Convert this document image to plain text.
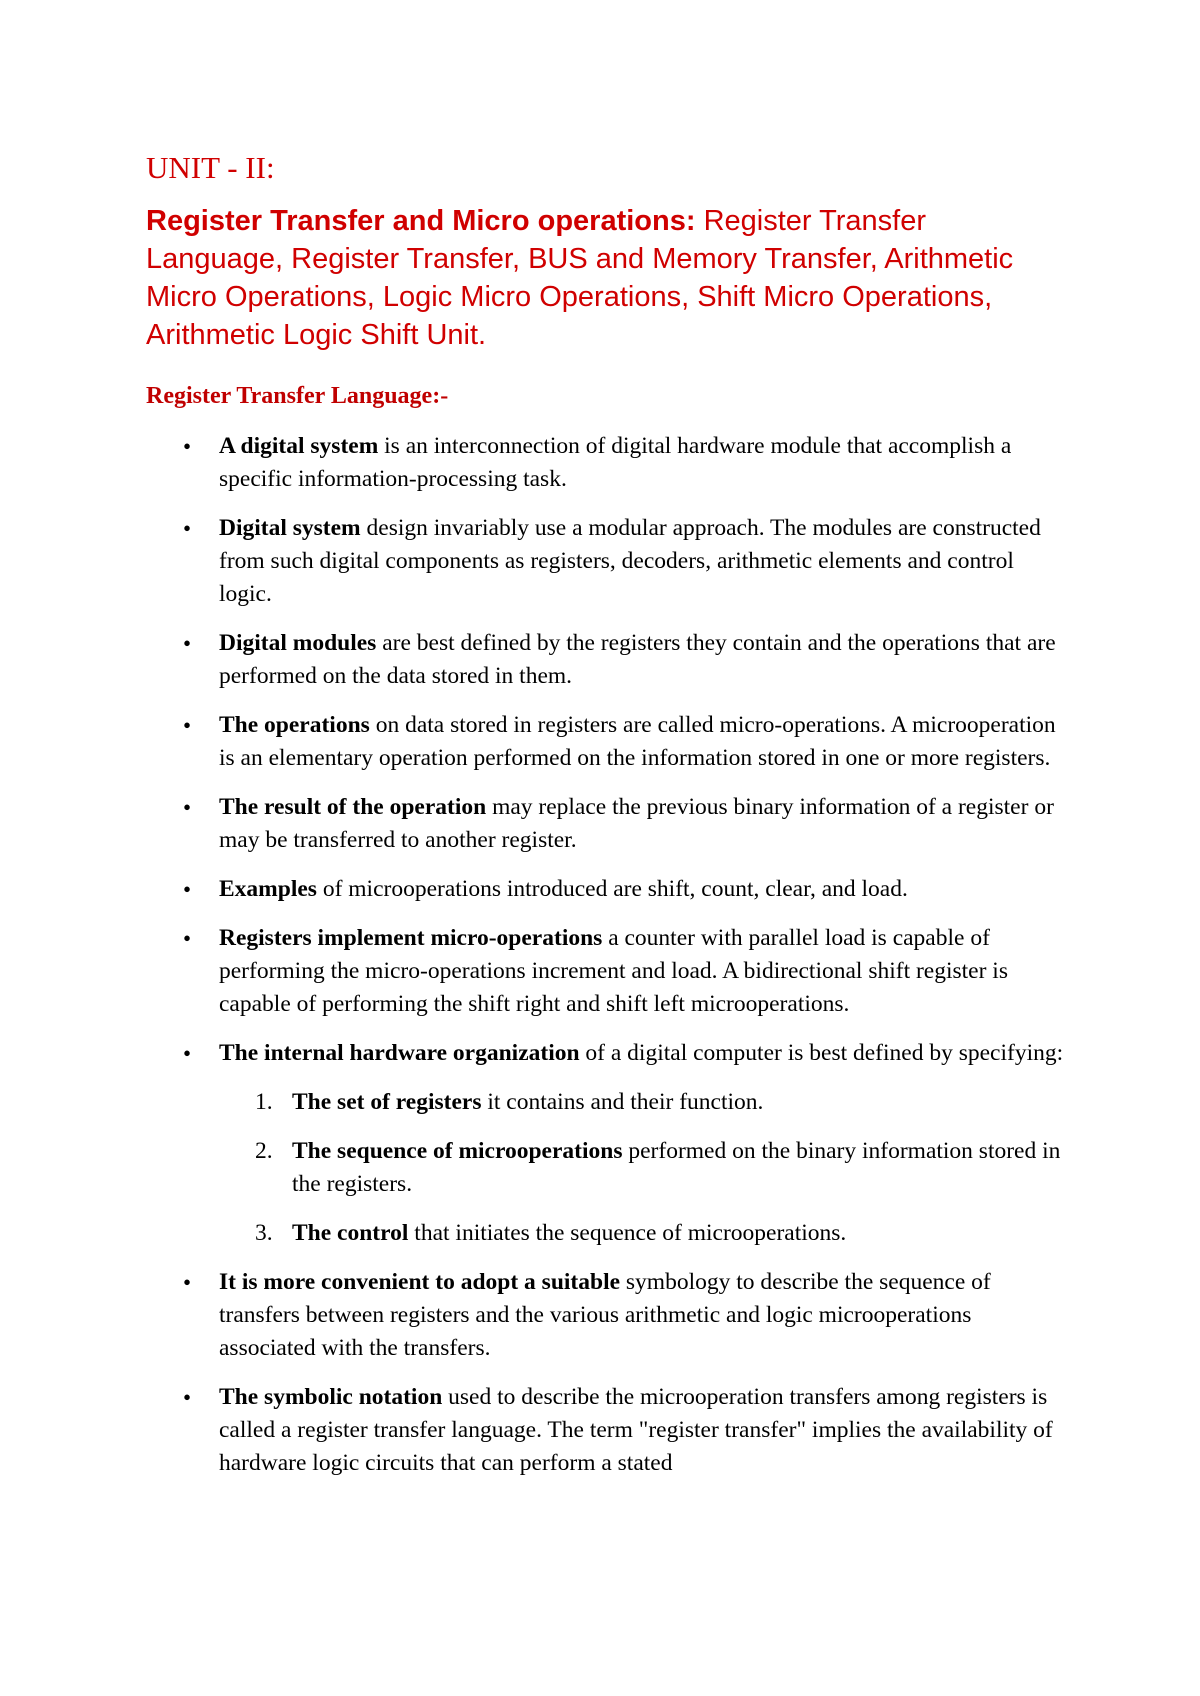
UNIT - II:

Register Transfer and Micro operations: Register Transfer Language, Register Transfer, BUS and Memory Transfer, Arithmetic Micro Operations, Logic Micro Operations, Shift Micro Operations, Arithmetic Logic Shift Unit.

Register Transfer Language:-
• A digital system is an interconnection of digital hardware module that accomplish a specific information-processing task.
• Digital system design invariably use a modular approach. The modules are constructed from such digital components as registers, decoders, arithmetic elements and control logic.
• Digital modules are best defined by the registers they contain and the operations that are performed on the data stored in them.
• The operations on data stored in registers are called micro-operations. A microoperation is an elementary operation performed on the information stored in one or more registers.
• The result of the operation may replace the previous binary information of a register or may be transferred to another register.
• Examples of microoperations introduced are shift, count, clear, and load.
• Registers implement micro-operations a counter with parallel load is capable of performing the micro-operations increment and load. A bidirectional shift register is capable of performing the shift right and shift left microoperations.
• The internal hardware organization of a digital computer is best defined by specifying:
1. The set of registers it contains and their function.
2. The sequence of microoperations performed on the binary information stored in the registers.
3. The control that initiates the sequence of microoperations.
• It is more convenient to adopt a suitable symbology to describe the sequence of transfers between registers and the various arithmetic and logic microoperations associated with the transfers.
• The symbolic notation used to describe the microoperation transfers among registers is called a register transfer language. The term "register transfer" implies the availability of hardware logic circuits that can perform a stated
